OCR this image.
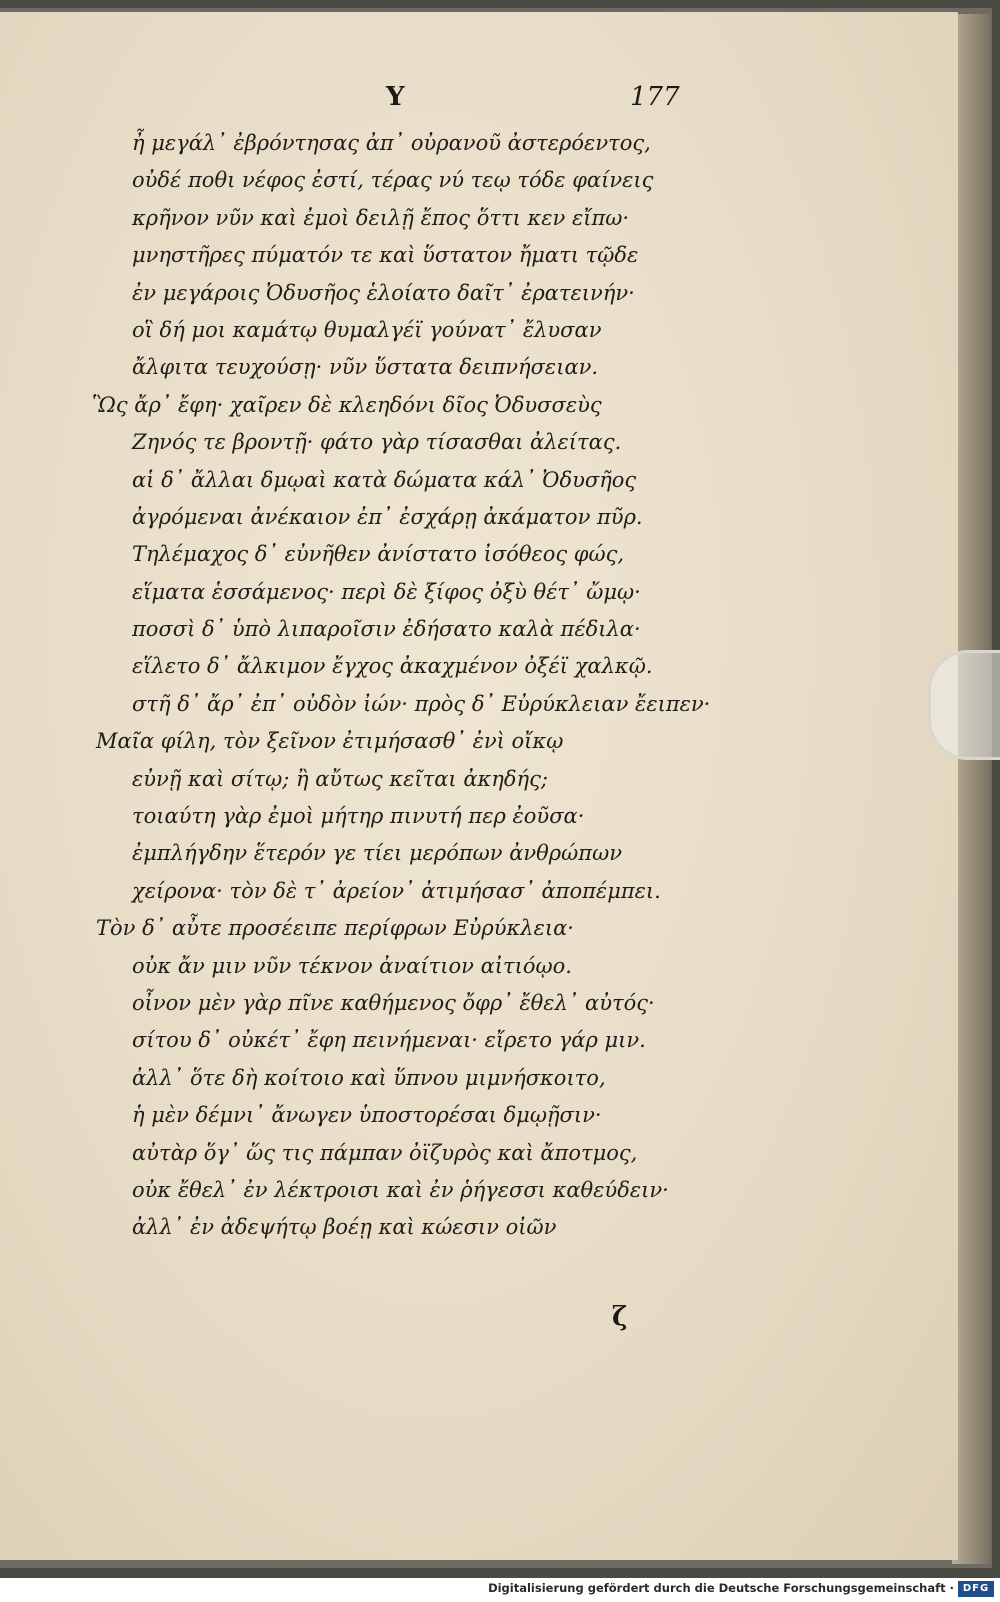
Υ	177
ἦ μεγάλ᾽ ἐβρόντησας ἀπ᾽ οὐρανοῦ ἀστερόεντος,
οὐδέ ποθι νέφος ἐστί, τέρας νύ τεῳ τόδε φαίνεις
κρῆνον νῦν καὶ ἐμοὶ δειλῇ ἔπος ὅττι κεν εἴπω·
μνηστῆρες πύματόν τε καὶ ὕστατον ἤματι τῷδε
ἐν μεγάροις Ὀδυσῆος ἑλοίατο δαῖτ᾽ ἐρατεινήν·
οἳ δή μοι καμάτῳ θυμαλγέϊ γούνατ᾽ ἔλυσαν
ἄλφιτα τευχούσῃ· νῦν ὕστατα δειπνήσειαν.
Ὣς ἄρ᾽ ἔφη· χαῖρεν δὲ κλεηδόνι δῖος Ὀδυσσεὺς
Ζηνός τε βροντῇ· φάτο γὰρ τίσασθαι ἀλείτας.
αἱ δ᾽ ἄλλαι δμῳαὶ κατὰ δώματα κάλ᾽ Ὀδυσῆος
ἀγρόμεναι ἀνέκαιον ἐπ᾽ ἐσχάρῃ ἀκάματον πῦρ.
Τηλέμαχος δ᾽ εὐνῆθεν ἀνίστατο ἰσόθεος φώς,
εἵματα ἑσσάμενος· περὶ δὲ ξίφος ὀξὺ θέτ᾽ ὤμῳ·
ποσσὶ δ᾽ ὑπὸ λιπαροῖσιν ἐδήσατο καλὰ πέδιλα·
εἵλετο δ᾽ ἄλκιμον ἔγχος ἀκαχμένον ὀξέϊ χαλκῷ.
στῆ δ᾽ ἄρ᾽ ἐπ᾽ οὐδὸν ἰών· πρὸς δ᾽ Εὐρύκλειαν ἔειπεν·
Μαῖα φίλη, τὸν ξεῖνον ἐτιμήσασθ᾽ ἐνὶ οἴκῳ
εὐνῇ καὶ σίτῳ; ἢ αὔτως κεῖται ἀκηδής;
τοιαύτη γὰρ ἐμοὶ μήτηρ πινυτή περ ἐοῦσα·
ἐμπλήγδην ἕτερόν γε τίει μερόπων ἀνθρώπων
χείρονα· τὸν δὲ τ᾽ ἀρείον᾽ ἀτιμήσασ᾽ ἀποπέμπει.
Τὸν δ᾽ αὖτε προσέειπε περίφρων Εὐρύκλεια·
οὐκ ἄν μιν νῦν τέκνον ἀναίτιον αἰτιόῳο.
οἶνον μὲν γὰρ πῖνε καθήμενος ὄφρ᾽ ἔθελ᾽ αὐτός·
σίτου δ᾽ οὐκέτ᾽ ἔφη πεινήμεναι· εἴρετο γάρ μιν.
ἀλλ᾽ ὅτε δὴ κοίτοιο καὶ ὕπνου μιμνήσκοιτο,
ἡ μὲν δέμνι᾽ ἄνωγεν ὑποστορέσαι δμῳῇσιν·
αὐτὰρ ὅγ᾽ ὥς τις πάμπαν ὀϊζυρὸς καὶ ἄποτμος,
οὐκ ἔθελ᾽ ἐν λέκτροισι καὶ ἐν ῥήγεσσι καθεύδειν·
ἀλλ᾽ ἐν ἀδεψήτῳ βοέῃ καὶ κώεσιν οἰῶν
ζ
Digitalisierung gefördert durch die Deutsche Forschungsgemeinschaft · DFG
